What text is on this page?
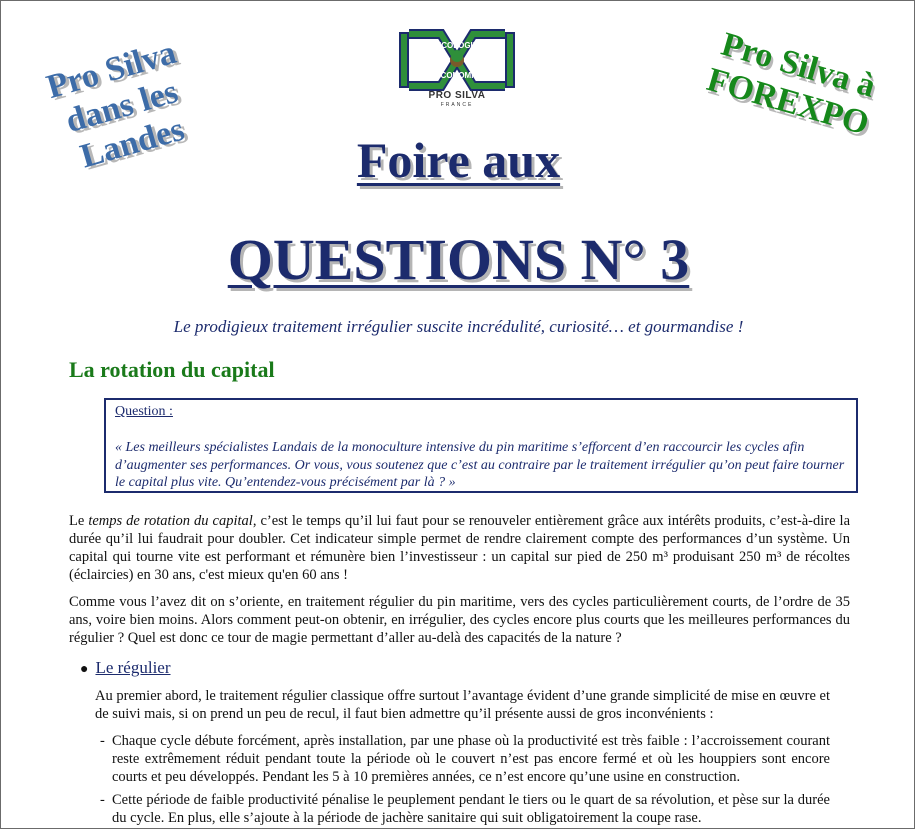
Pro Silva dans les Landes
Pro Silva à FOREXPO
ECOLOGIE
ECONOMIE
PRO SILVA
FRANCE
Foire aux
QUESTIONS N° 3
Le prodigieux traitement irrégulier suscite incrédulité, curiosité… et gourmandise !
La rotation du capital
Question :
« Les meilleurs spécialistes Landais de la monoculture intensive du pin maritime s’efforcent d’en raccourcir les cycles afin d’augmenter ses performances. Or vous, vous soutenez que c’est au contraire par le traitement irrégulier qu’on peut faire tourner le capital plus vite. Qu’entendez-vous précisément par là ? »
Le temps de rotation du capital, c’est le temps qu’il lui faut pour se renouveler entièrement grâce aux intérêts produits, c’est-à-dire la durée qu’il lui faudrait pour doubler. Cet indicateur simple permet de rendre clairement compte des performances d’un système. Un capital qui tourne vite est performant et rémunère bien l’investisseur : un capital sur pied de 250 m³ produisant 250 m³ de récoltes (éclaircies) en 30 ans, c'est mieux qu'en 60 ans !
Comme vous l’avez dit on s’oriente, en traitement régulier du pin maritime, vers des cycles particulièrement courts, de l’ordre de 35 ans, voire bien moins. Alors comment peut-on obtenir, en irrégulier, des cycles encore plus courts que les meilleures performances du régulier ? Quel est donc ce tour de magie permettant d’aller au-delà des capacités de la nature ?
● Le régulier
Au premier abord, le traitement régulier classique offre surtout l’avantage évident d’une grande simplicité de mise en œuvre et de suivi mais, si on prend un peu de recul, il faut bien admettre qu’il présente aussi de gros inconvénients :
- Chaque cycle débute forcément, après installation, par une phase où la productivité est très faible : l’accroissement courant reste extrêmement réduit pendant toute la période où le couvert n’est pas encore fermé et où les houppiers sont encore courts et peu développés. Pendant les 5 à 10 premières années, ce n’est encore qu’une usine en construction.
- Cette période de faible productivité pénalise le peuplement pendant le tiers ou le quart de sa révolution, et pèse sur la durée du cycle. En plus, elle s’ajoute à la période de jachère sanitaire qui suit obligatoirement la coupe rase.
